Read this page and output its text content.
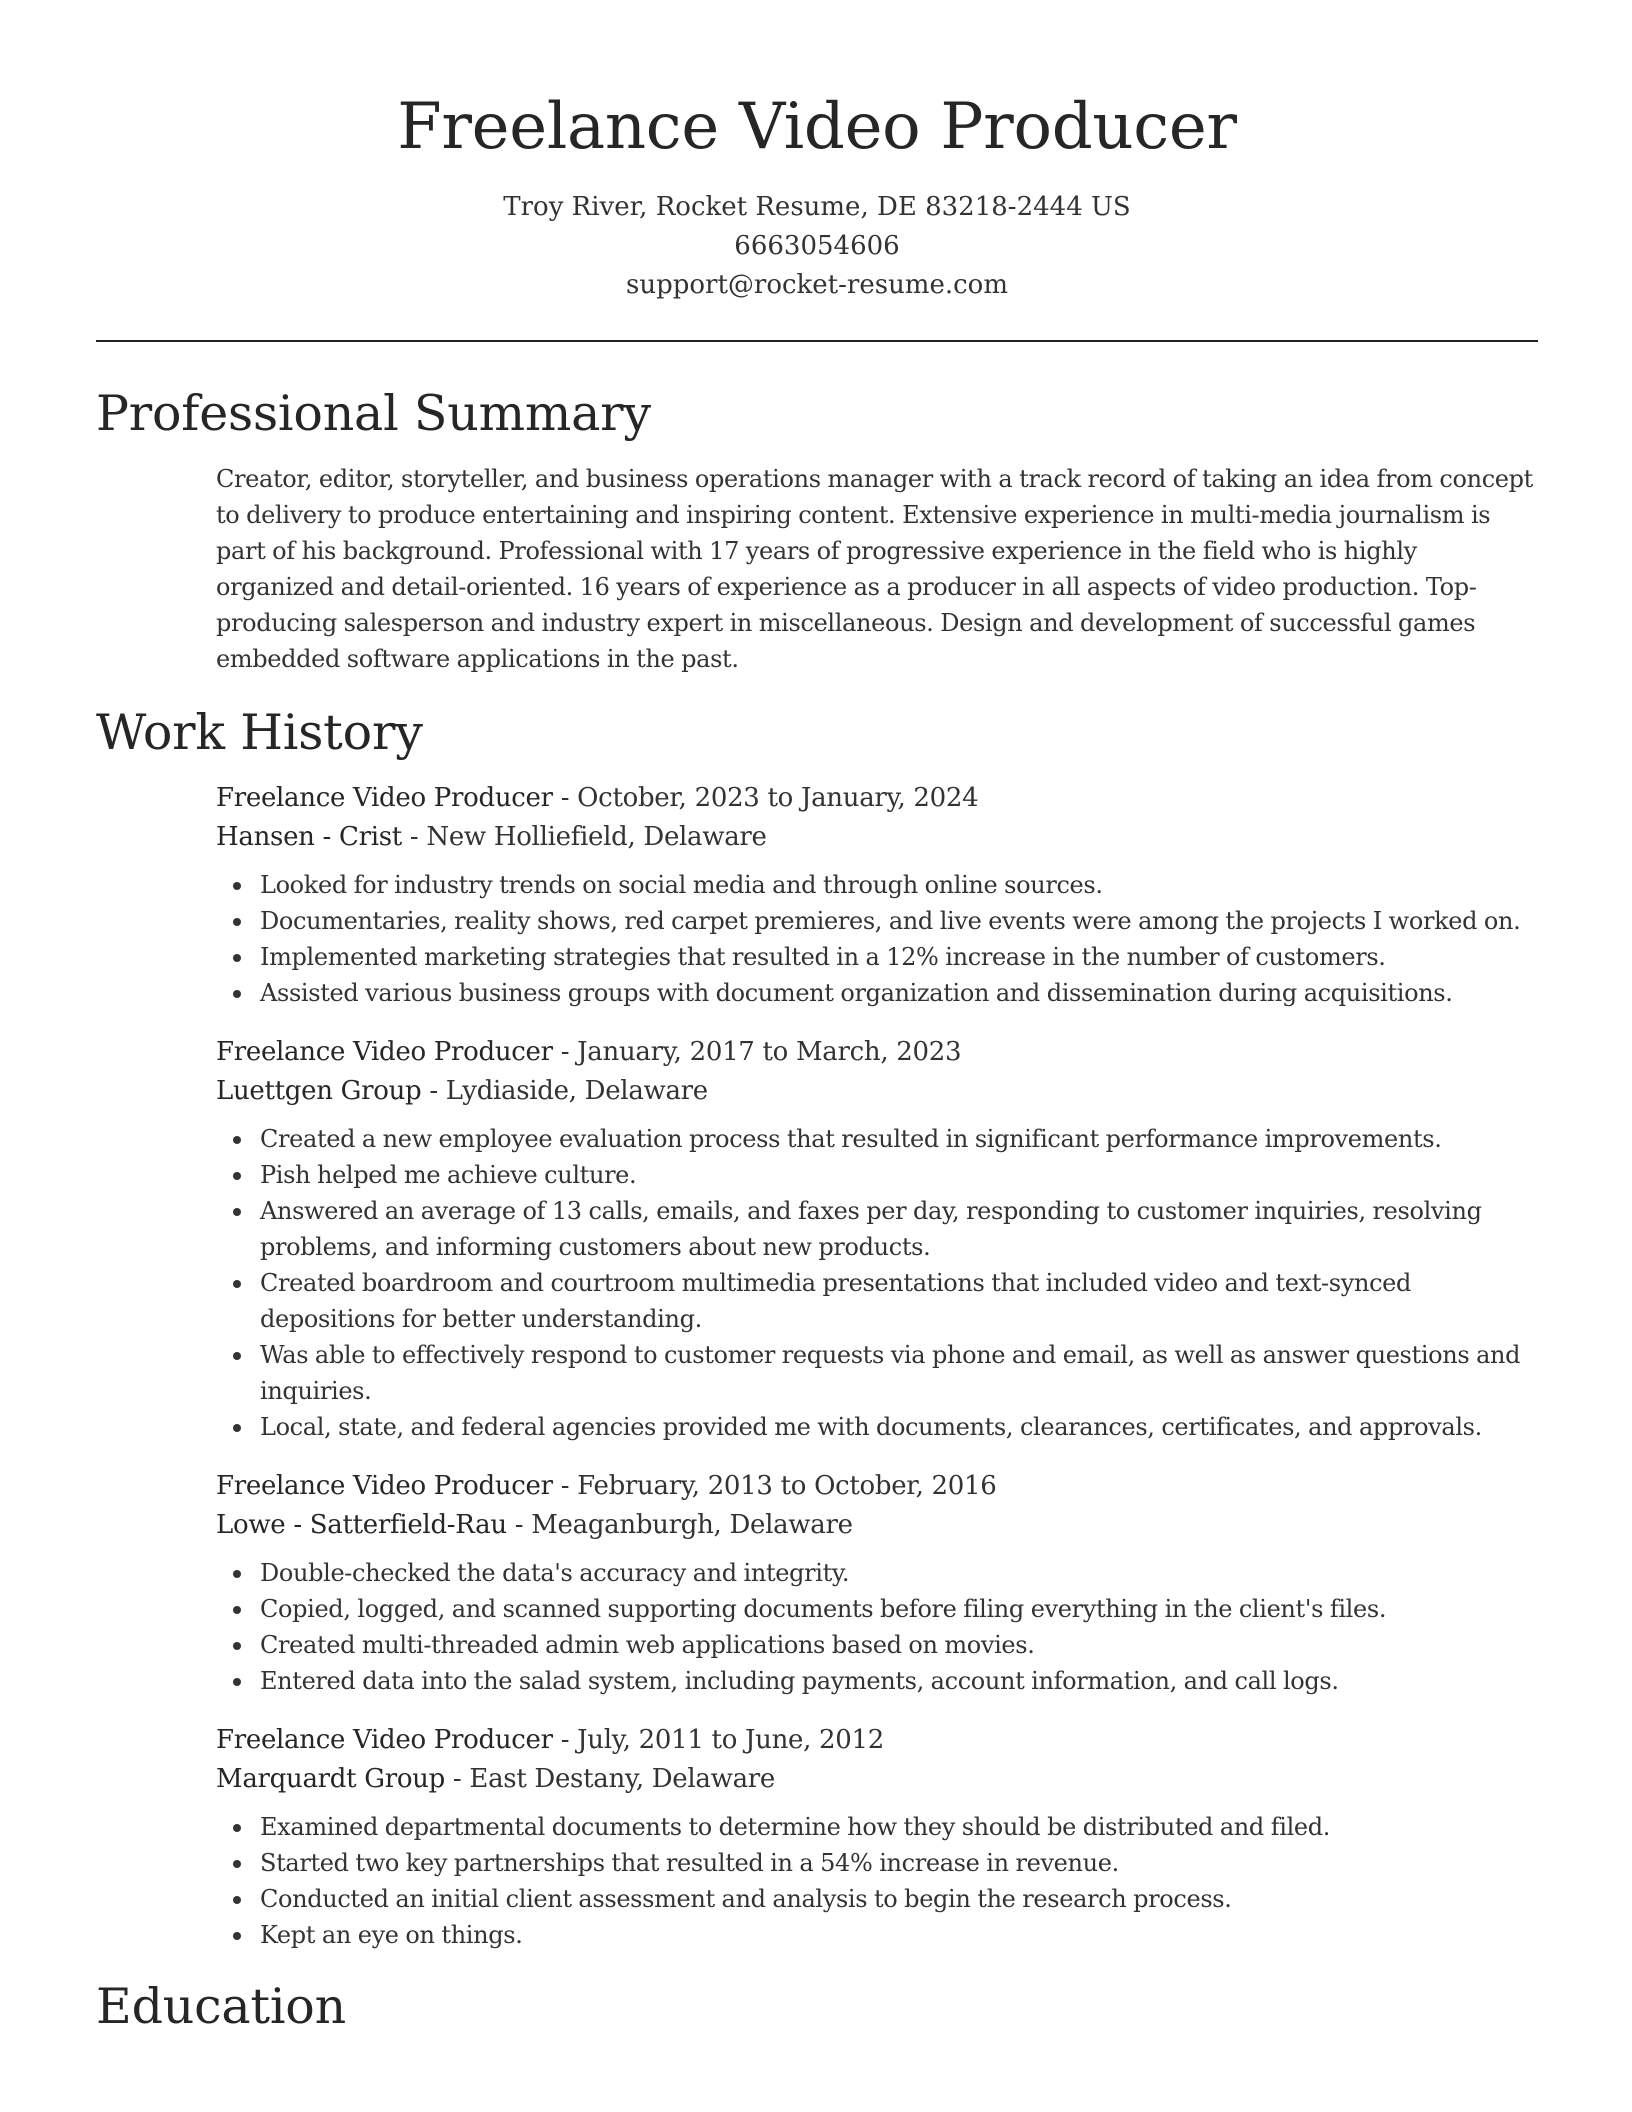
Freelance Video Producer
Troy River, Rocket Resume, DE 83218-2444 US
6663054606
support@rocket-resume.com
Professional Summary

Creator, editor, storyteller, and business operations manager with a track record of taking an idea from concept to delivery to produce entertaining and inspiring content. Extensive experience in multi-media journalism is part of his background. Professional with 17 years of progressive experience in the field who is highly organized and detail-oriented. 16 years of experience as a producer in all aspects of video production. Top-producing salesperson and industry expert in miscellaneous. Design and development of successful games embedded software applications in the past.

Work History
Freelance Video Producer - October, 2023 to January, 2024
Hansen - Crist - New Holliefield, Delaware
Looked for industry trends on social media and through online sources.
Documentaries, reality shows, red carpet premieres, and live events were among the projects I worked on.
Implemented marketing strategies that resulted in a 12% increase in the number of customers.
Assisted various business groups with document organization and dissemination during acquisitions.
Freelance Video Producer - January, 2017 to March, 2023
Luettgen Group - Lydiaside, Delaware
Created a new employee evaluation process that resulted in significant performance improvements.
Pish helped me achieve culture.
Answered an average of 13 calls, emails, and faxes per day, responding to customer inquiries, resolving problems, and informing customers about new products.
Created boardroom and courtroom multimedia presentations that included video and text-synced depositions for better understanding.
Was able to effectively respond to customer requests via phone and email, as well as answer questions and inquiries.
Local, state, and federal agencies provided me with documents, clearances, certificates, and approvals.
Freelance Video Producer - February, 2013 to October, 2016
Lowe - Satterfield-Rau - Meaganburgh, Delaware
Double-checked the data's accuracy and integrity.
Copied, logged, and scanned supporting documents before filing everything in the client's files.
Created multi-threaded admin web applications based on movies.
Entered data into the salad system, including payments, account information, and call logs.
Freelance Video Producer - July, 2011 to June, 2012
Marquardt Group - East Destany, Delaware
Examined departmental documents to determine how they should be distributed and filed.
Started two key partnerships that resulted in a 54% increase in revenue.
Conducted an initial client assessment and analysis to begin the research process.
Kept an eye on things.
Education
